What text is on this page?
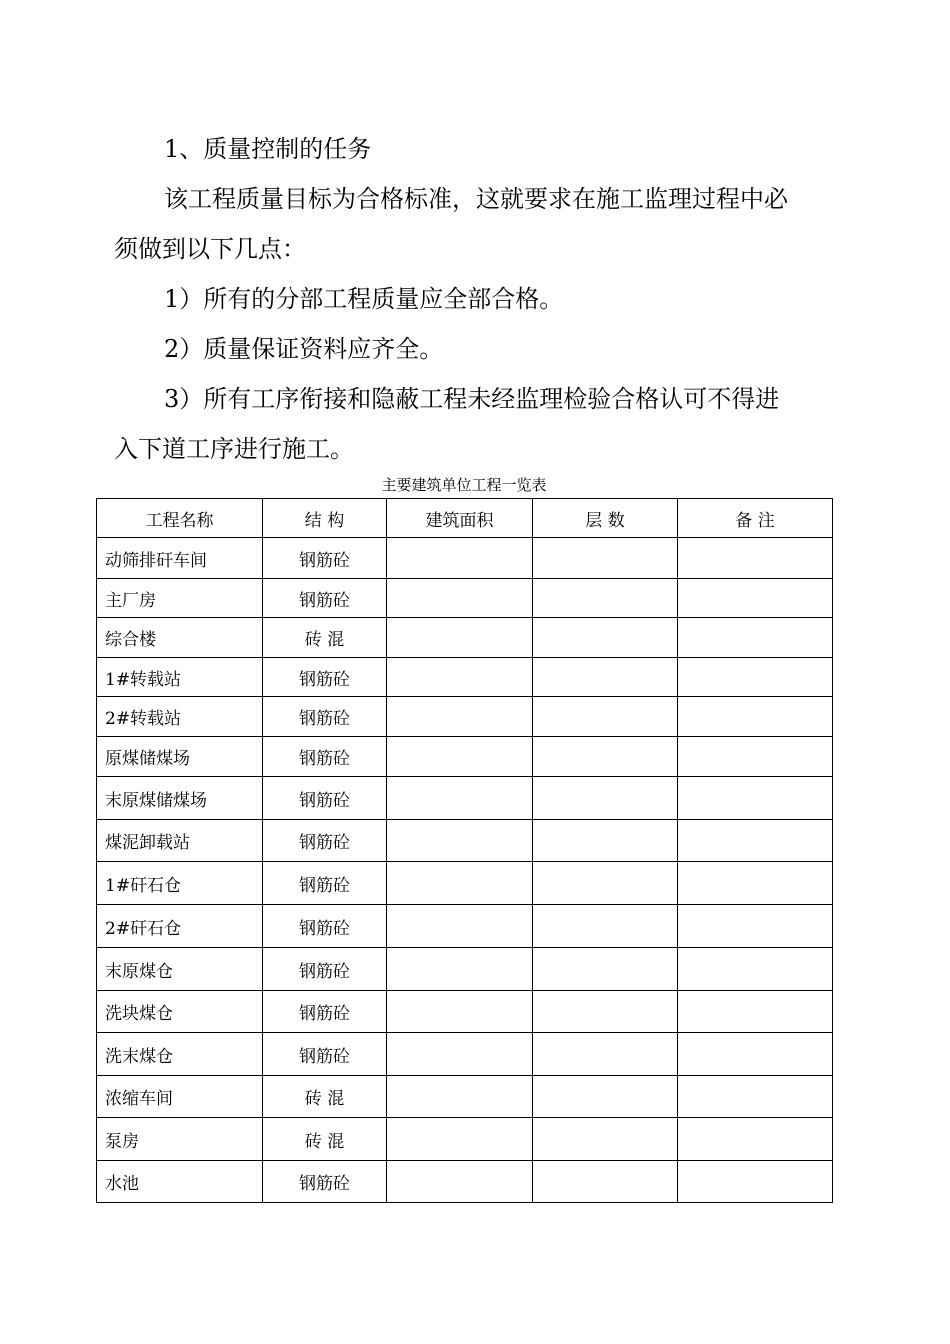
1、质量控制的任务

该工程质量目标为合格标准，这就要求在施工监理过程中必

须做到以下几点：

1）所有的分部工程质量应全部合格。

2）质量保证资料应齐全。

3）所有工序衔接和隐蔽工程未经监理检验合格认可不得进

入下道工序进行施工。

主要建筑单位工程一览表

工程名称	结 构	建筑面积	层 数	备 注
动筛排矸车间	钢筋砼			
主厂房	钢筋砼			
综合楼	砖 混			
1#转载站	钢筋砼			
2#转载站	钢筋砼			
原煤储煤场	钢筋砼			
末原煤储煤场	钢筋砼			
煤泥卸载站	钢筋砼			
1#矸石仓	钢筋砼			
2#矸石仓	钢筋砼			
末原煤仓	钢筋砼			
洗块煤仓	钢筋砼			
洗末煤仓	钢筋砼			
浓缩车间	砖 混			
泵房	砖 混			
水池	钢筋砼			
